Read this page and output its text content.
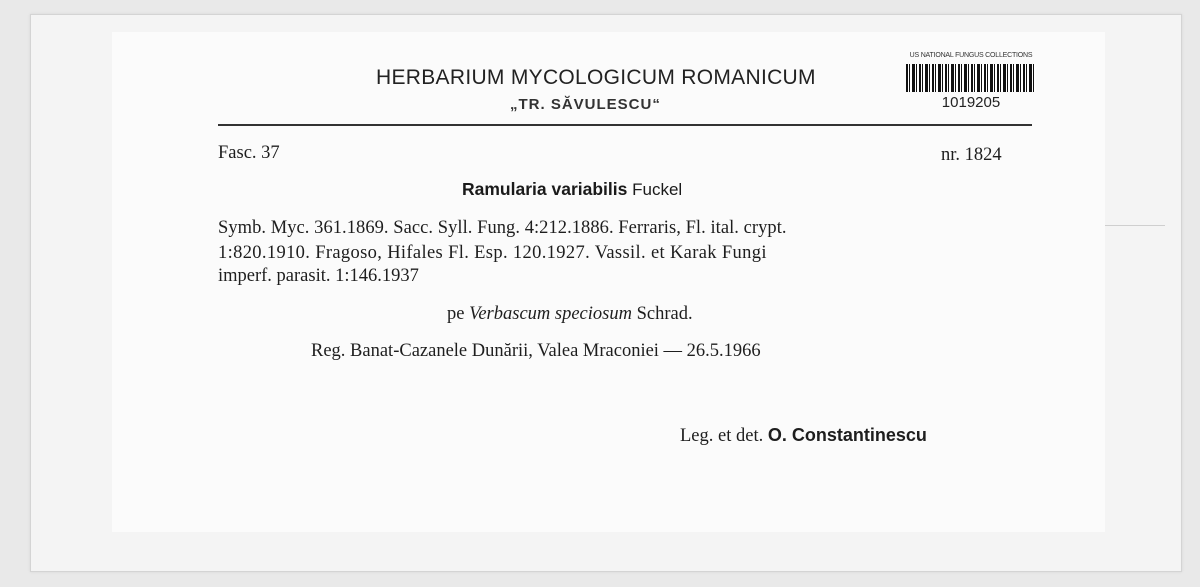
HERBARIUM MYCOLOGICUM ROMANICUM
„TR. SĂVULESCU“
US NATIONAL FUNGUS COLLECTIONS
1019205
Fasc. 37	nr. 1824
Ramularia variabilis Fuckel
Symb. Myc. 361.1869. Sacc. Syll. Fung. 4:212.1886. Ferraris, Fl. ital. crypt.
1:820.1910. Fragoso, Hifales Fl. Esp. 120.1927. Vassil. et Karak Fungi
imperf. parasit. 1:146.1937
pe Verbascum speciosum Schrad.
Reg. Banat-Cazanele Dunării, Valea Mraconiei — 26.5.1966
Leg. et det. O. Constantinescu
